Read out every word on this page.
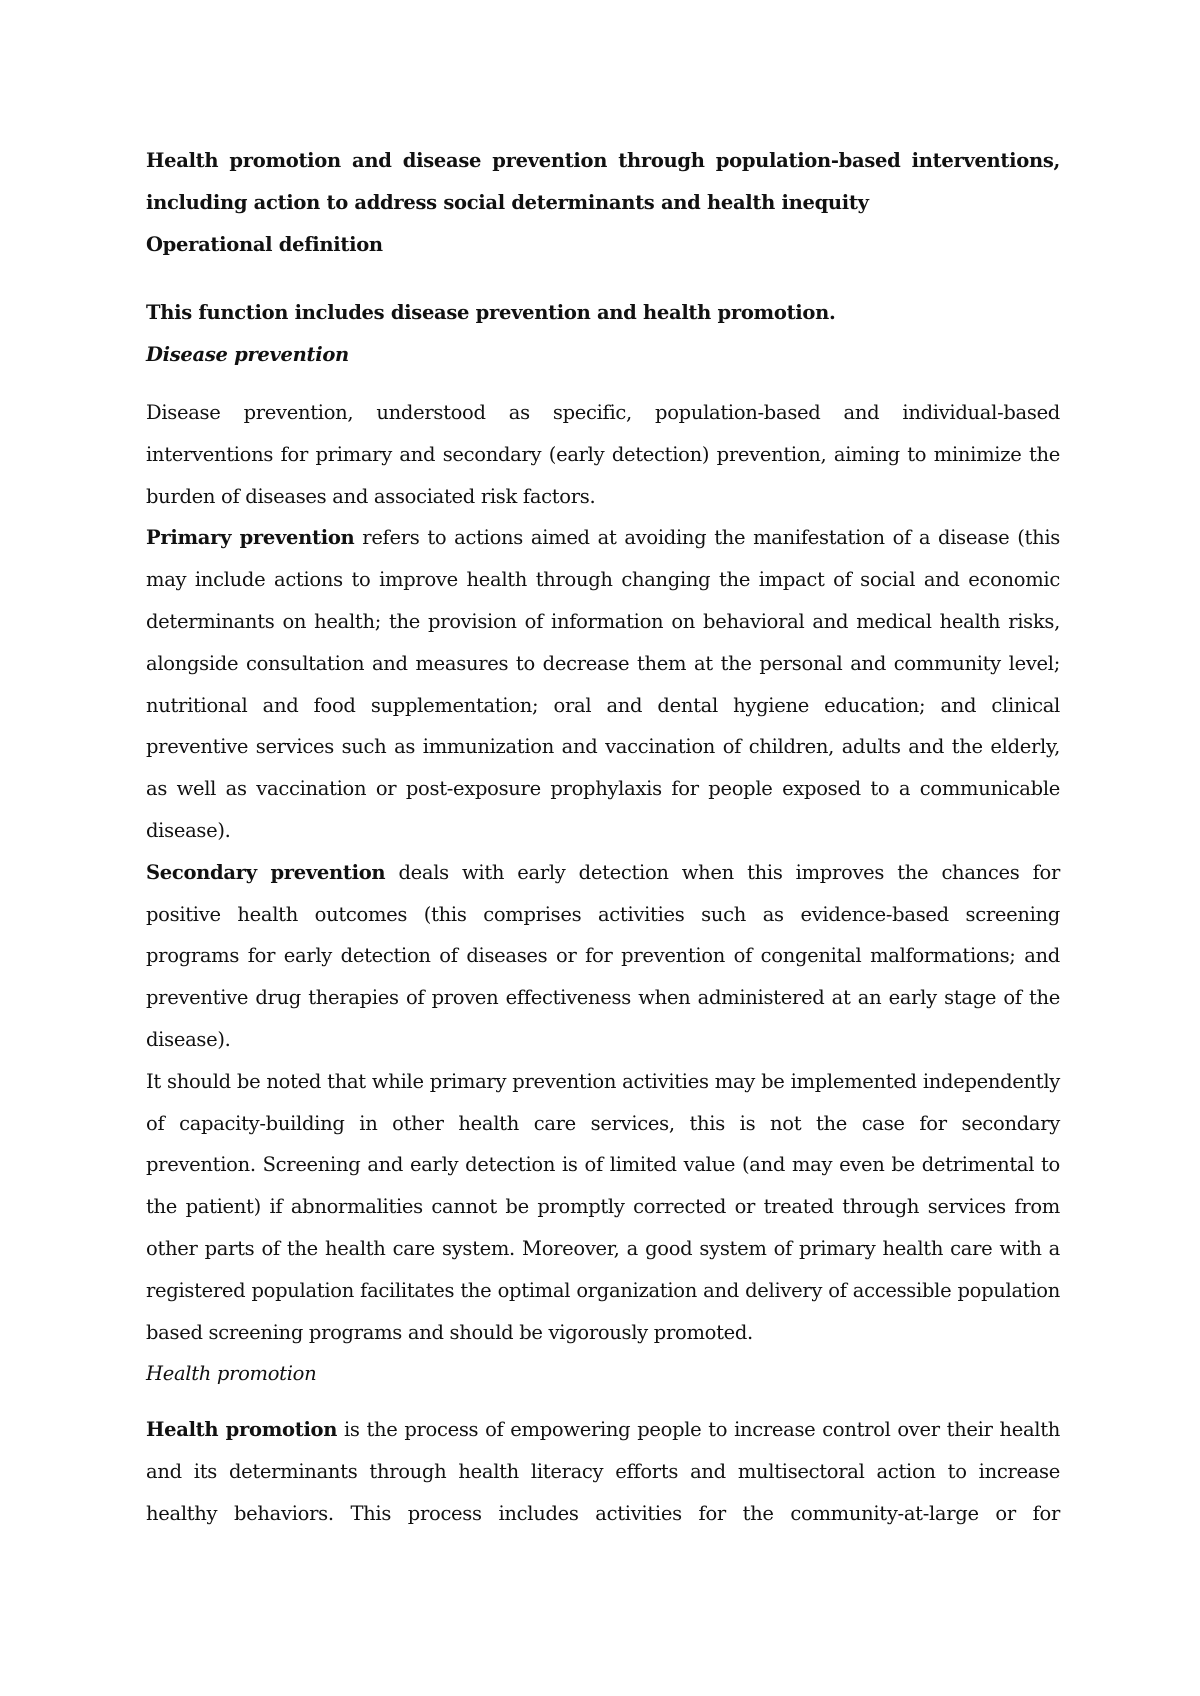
Health promotion and disease prevention through population-based interventions, including action to address social determinants and health inequity

Operational definition

This function includes disease prevention and health promotion.

Disease prevention

Disease prevention, understood as specific, population-based and individual-based interventions for primary and secondary (early detection) prevention, aiming to minimize the burden of diseases and associated risk factors.

Primary prevention refers to actions aimed at avoiding the manifestation of a disease (this may include actions to improve health through changing the impact of social and economic determinants on health; the provision of information on behavioral and medical health risks, alongside consultation and measures to decrease them at the personal and community level; nutritional and food supplementation; oral and dental hygiene education; and clinical preventive services such as immunization and vaccination of children, adults and the elderly, as well as vaccination or post-exposure prophylaxis for people exposed to a communicable disease).

Secondary prevention deals with early detection when this improves the chances for positive health outcomes (this comprises activities such as evidence-based screening programs for early detection of diseases or for prevention of congenital malformations; and preventive drug therapies of proven effectiveness when administered at an early stage of the disease).

It should be noted that while primary prevention activities may be implemented independently of capacity-building in other health care services, this is not the case for secondary prevention. Screening and early detection is of limited value (and may even be detrimental to the patient) if abnormalities cannot be promptly corrected or treated through services from other parts of the health care system. Moreover, a good system of primary health care with a registered population facilitates the optimal organization and delivery of accessible population based screening programs and should be vigorously promoted.

Health promotion

Health promotion is the process of empowering people to increase control over their health and its determinants through health literacy efforts and multisectoral action to increase healthy behaviors. This process includes activities for the community-at-large or for
